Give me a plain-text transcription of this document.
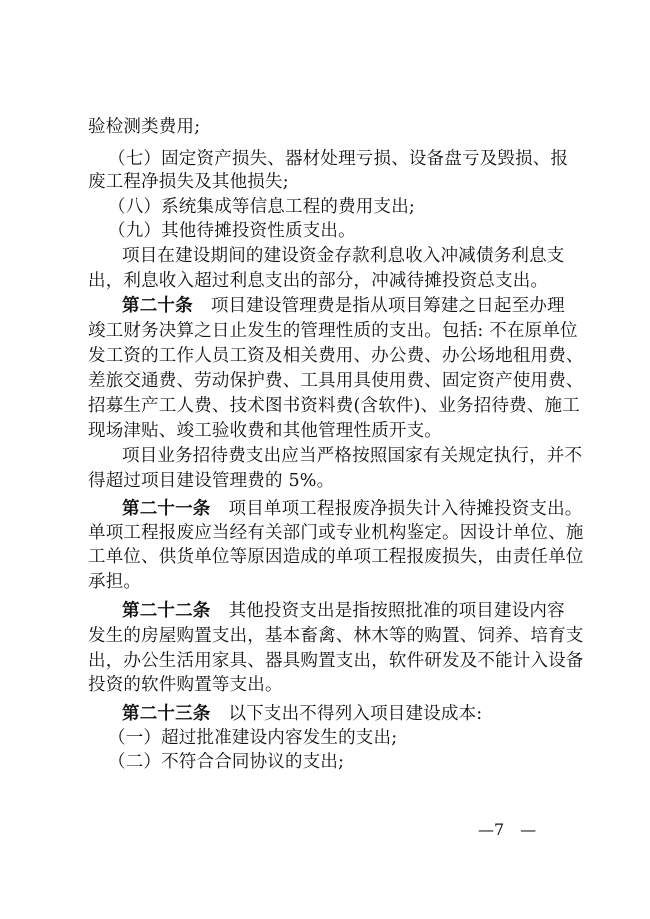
验检测类费用;
（七）固定资产损失、器材处理亏损、设备盘亏及毁损、报
废工程净损失及其他损失;
（八）系统集成等信息工程的费用支出;
（九）其他待摊投资性质支出。
项目在建设期间的建设资金存款利息收入冲减债务利息支
出，利息收入超过利息支出的部分，冲减待摊投资总支出。
第二十条 项目建设管理费是指从项目筹建之日起至办理
竣工财务决算之日止发生的管理性质的支出。包括: 不在原单位
发工资的工作人员工资及相关费用、办公费、办公场地租用费、
差旅交通费、劳动保护费、工具用具使用费、固定资产使用费、
招募生产工人费、技术图书资料费(含软件)、业务招待费、施工
现场津贴、竣工验收费和其他管理性质开支。
项目业务招待费支出应当严格按照国家有关规定执行，并不
得超过项目建设管理费的 5%。
第二十一条 项目单项工程报废净损失计入待摊投资支出。
单项工程报废应当经有关部门或专业机构鉴定。因设计单位、施
工单位、供货单位等原因造成的单项工程报废损失，由责任单位
承担。
第二十二条 其他投资支出是指按照批准的项目建设内容
发生的房屋购置支出，基本畜禽、林木等的购置、饲养、培育支
出，办公生活用家具、器具购置支出，软件研发及不能计入设备
投资的软件购置等支出。
第二十三条 以下支出不得列入项目建设成本:
（一）超过批准建设内容发生的支出;
（二）不符合合同协议的支出;
—7　—
